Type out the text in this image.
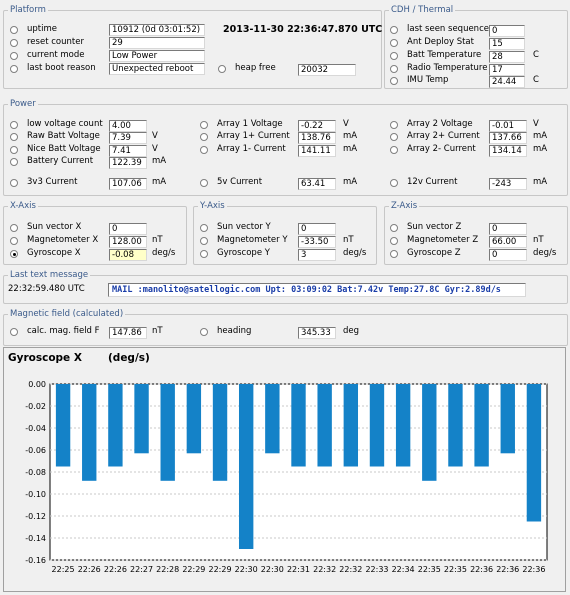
Platform
uptime	10912 (0d 03:01:52)
reset counter	29
current mode	Low Power
last boot reason	Unexpected reboot
2013-11-30 22:36:47.870 UTC
heap free	20032
CDH / Thermal
last seen sequence 0
Ant Deploy Stat	15
Batt Temperature	28	C
Radio Temperature 17
IMU Temp	24.44	C
Power
low voltage count	4.00
Raw Batt Voltage	7.39	V
Nice Batt Voltage	7.41	V
Battery Current	122.39	mA
3v3 Current	107.06	mA
Array 1 Voltage	-0.22	V
Array 1+ Current	138.76	mA
Array 1- Current	141.11	mA
5v Current	63.41	mA
Array 2 Voltage	-0.01	V
Array 2+ Current	137.66	mA
Array 2- Current	134.14	mA
12v Current	-243	mA
X-Axis
Sun vector X	0
Magnetometer X	128.00	nT
Gyroscope X	-0.08	deg/s
Y-Axis
Sun vector Y	0
Magnetometer Y	-33.50	nT
Gyroscope Y	3	deg/s
Z-Axis
Sun vector Z	0
Magnetometer Z	66.00	nT
Gyroscope Z	0	deg/s
Last text message
22:32:59.480 UTC	MAIL :manolito@satellogic.com Upt: 03:09:02 Bat:7.42v Temp:27.8C Gyr:2.89d/s
Magnetic field (calculated)
calc. mag. field F	147.86	nT	heading	345.33	deg
Gyroscope X (deg/s)
0.00
-0.02
-0.04
-0.06
-0.08
-0.10
-0.12
-0.14
-0.16
22:25 22:26 22:26 22:27 22:28 22:29 22:29 22:30 22:30 22:31 22:32 22:32 22:33 22:34 22:35 22:35 22:36 22:36 22:36
